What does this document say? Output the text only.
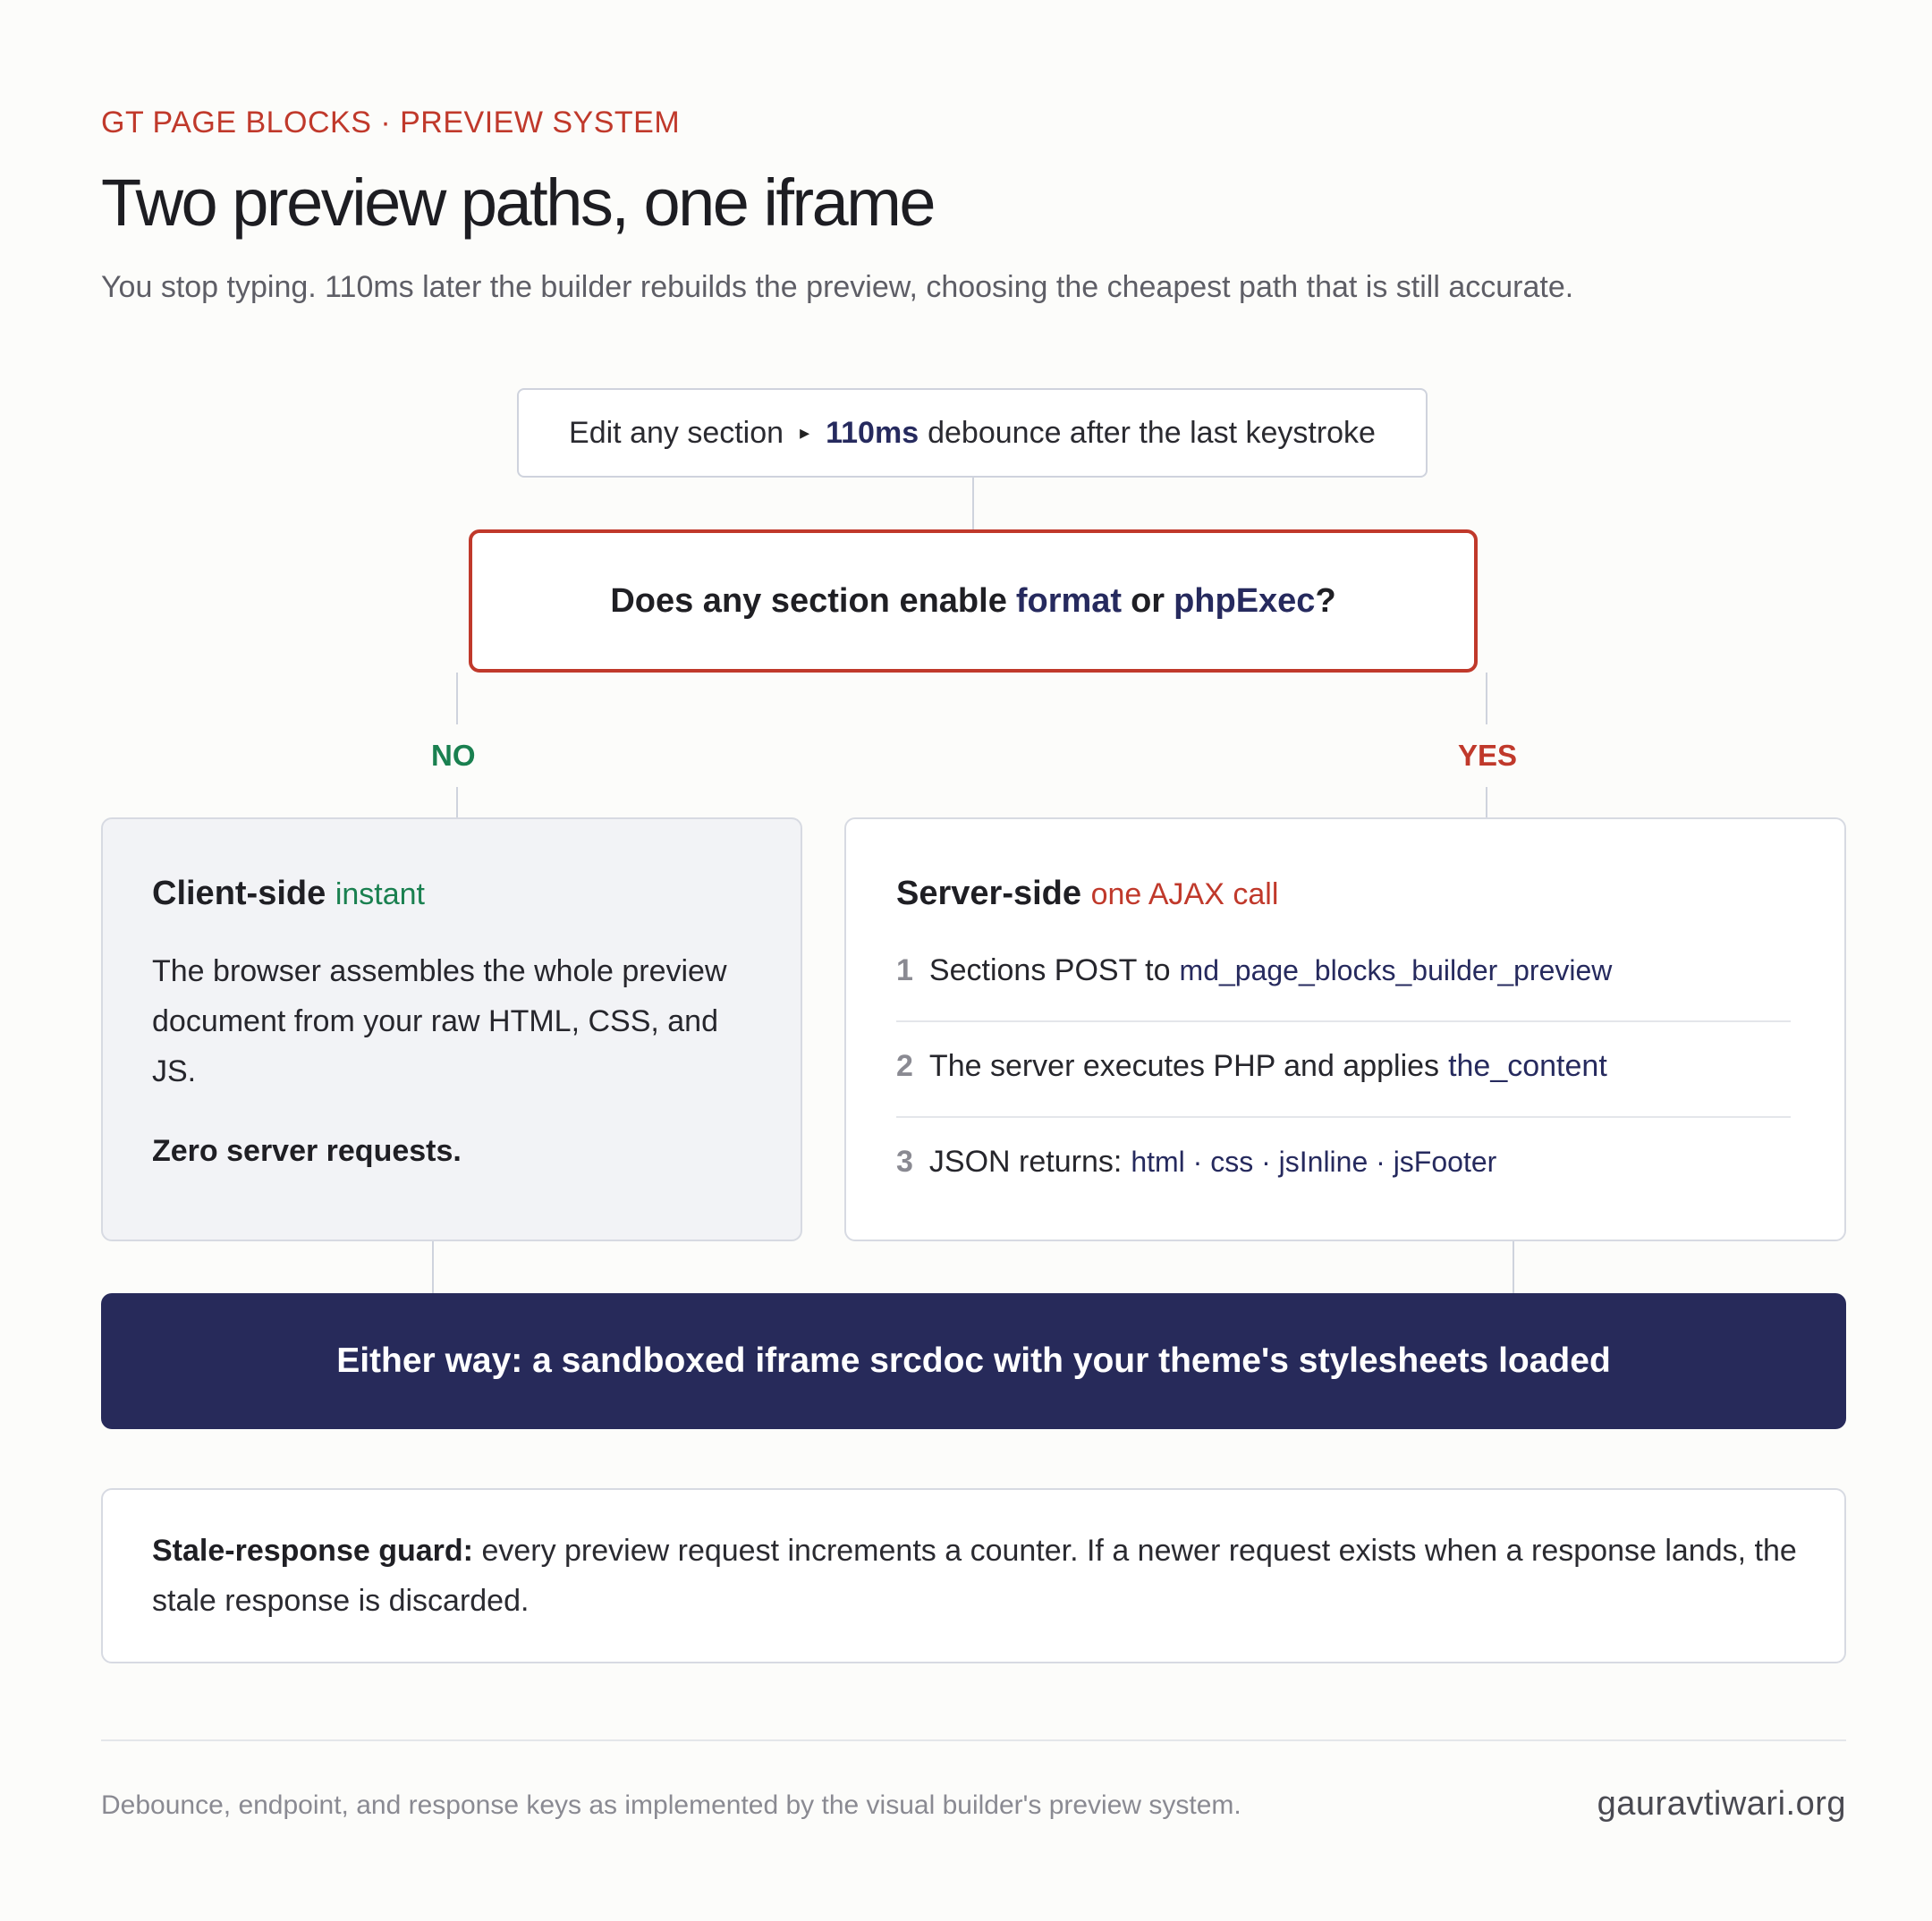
GT PAGE BLOCKS · PREVIEW SYSTEM
Two preview paths, one iframe
You stop typing. 110ms later the builder rebuilds the preview, choosing the cheapest path that is still accurate.
Edit any section ▸ 110ms debounce after the last keystroke
Does any section enable format or phpExec ?
NO	YES
Client-side instant
The browser assembles the whole preview document from your raw HTML, CSS, and JS.
Zero server requests.
Server-side one AJAX call
1 Sections POST to md_page_blocks_builder_preview
2 The server executes PHP and applies the_content
3 JSON returns: html · css · jsInline · jsFooter
Either way: a sandboxed iframe srcdoc with your theme's stylesheets loaded
Stale-response guard: every preview request increments a counter. If a newer request exists when a response lands, the stale response is discarded.
Debounce, endpoint, and response keys as implemented by the visual builder's preview system.	gauravtiwari.org
